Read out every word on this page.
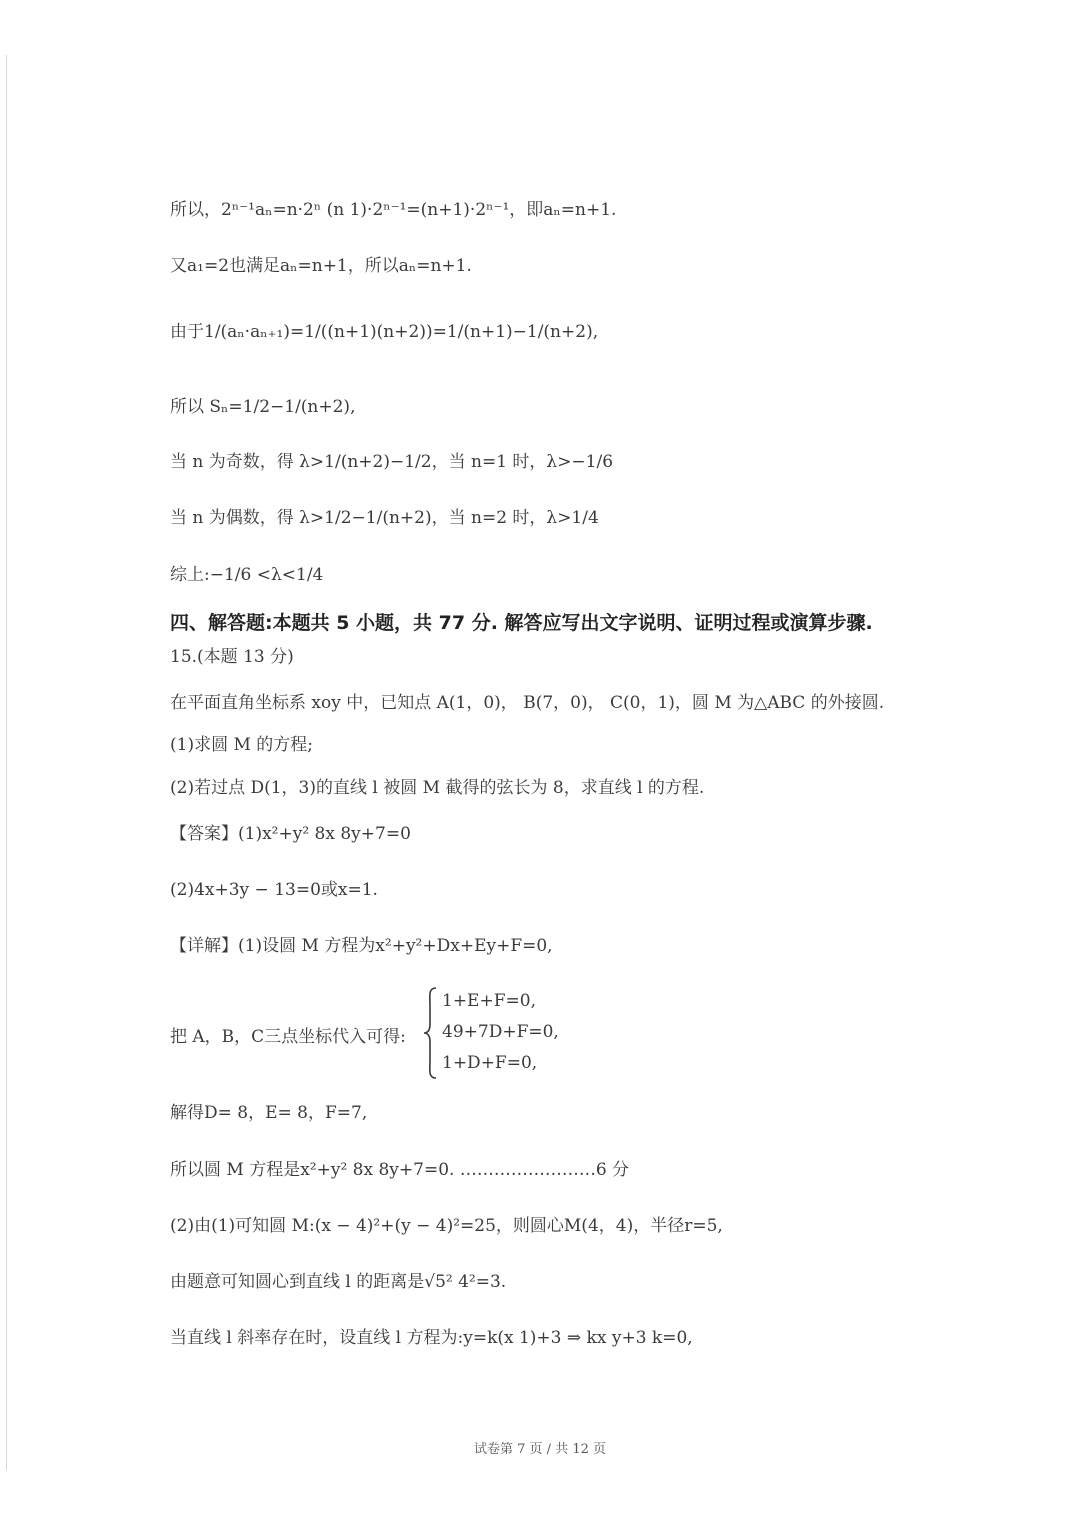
所以，2ⁿ⁻¹aₙ=n·2ⁿ (n 1)·2ⁿ⁻¹=(n+1)·2ⁿ⁻¹，即aₙ=n+1.
又a₁=2也满足aₙ=n+1，所以aₙ=n+1.
由于1/(aₙ·aₙ₊₁)=1/((n+1)(n+2))=1/(n+1)−1/(n+2),
所以 Sₙ=1/2−1/(n+2),
当 n 为奇数，得 λ>1/(n+2)−1/2，当 n=1 时，λ>−1/6
当 n 为偶数，得 λ>1/2−1/(n+2)，当 n=2 时，λ>1/4
综上:−1/6 <λ<1/4
四、解答题:本题共 5 小题，共 77 分. 解答应写出文字说明、证明过程或演算步骤.
15.(本题 13 分)
在平面直角坐标系 xoy 中，已知点 A(1，0)， B(7，0)， C(0，1)，圆 M 为△ABC 的外接圆.
(1)求圆 M 的方程;
(2)若过点 D(1，3)的直线 l 被圆 M 截得的弦长为 8，求直线 l 的方程.
【答案】(1)x²+y² 8x 8y+7=0
(2)4x+3y − 13=0或x=1.
【详解】(1)设圆 M 方程为x²+y²+Dx+Ey+F=0,
把 A，B，C三点坐标代入可得:
1+E+F=0,
49+7D+F=0,
1+D+F=0,
解得D= 8，E= 8，F=7,
所以圆 M 方程是x²+y² 8x 8y+7=0. ……………………6 分
(2)由(1)可知圆 M:(x − 4)²+(y − 4)²=25，则圆心M(4，4)，半径r=5,
由题意可知圆心到直线 l 的距离是√5² 4²=3.
当直线 l 斜率存在时，设直线 l 方程为:y=k(x 1)+3 ⇒ kx y+3 k=0,
试卷第 7 页 / 共 12 页
